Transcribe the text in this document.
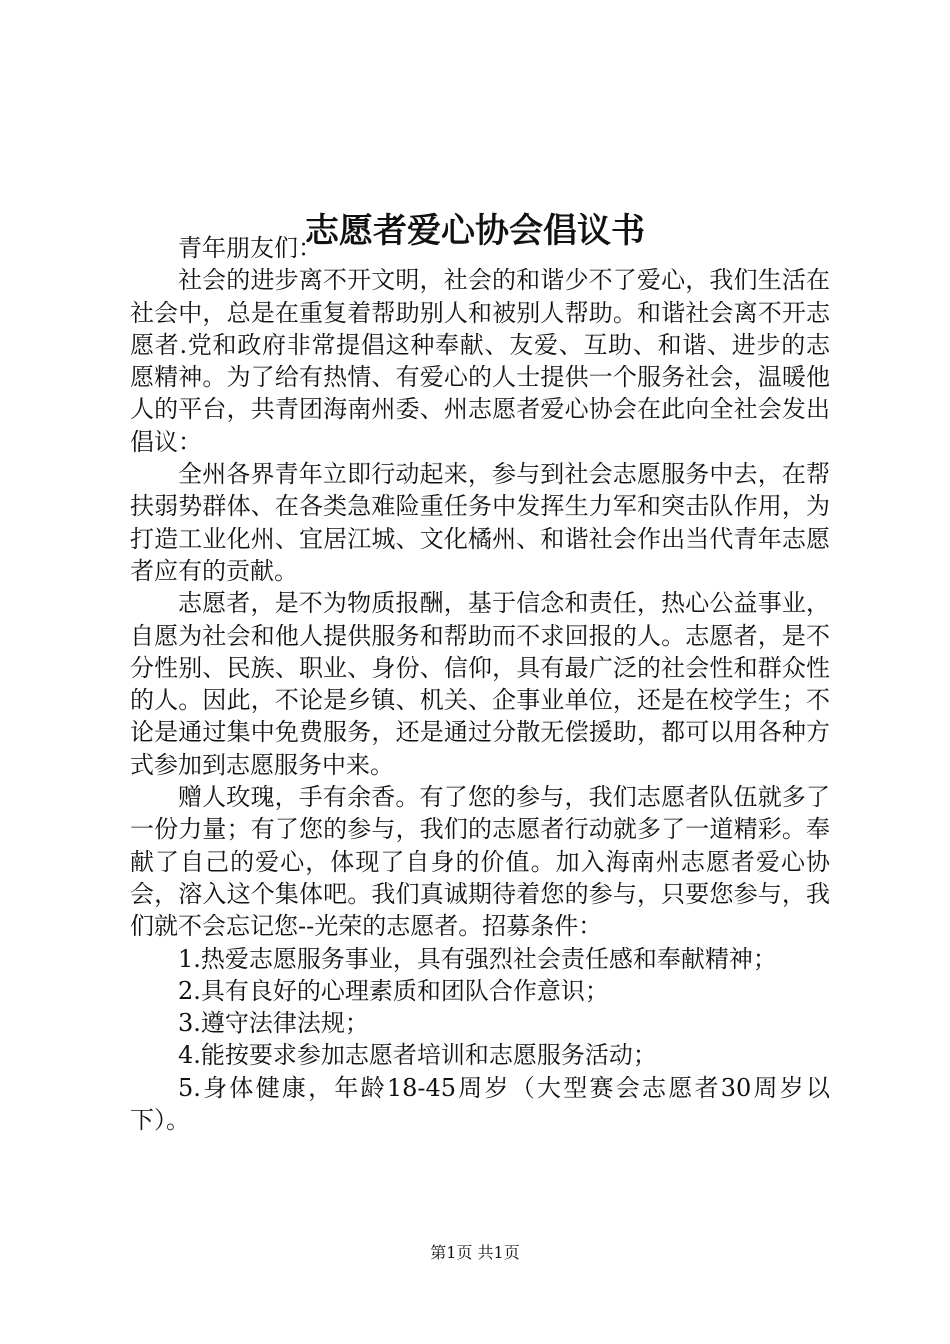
志愿者爱心协会倡议书

青年朋友们：

社会的进步离不开文明，社会的和谐少不了爱心，我们生活在社会中，总是在重复着帮助别人和被别人帮助。和谐社会离不开志愿者.党和政府非常提倡这种奉献、友爱、互助、和谐、进步的志愿精神。为了给有热情、有爱心的人士提供一个服务社会，温暖他人的平台，共青团海南州委、州志愿者爱心协会在此向全社会发出倡议：

全州各界青年立即行动起来，参与到社会志愿服务中去，在帮扶弱势群体、在各类急难险重任务中发挥生力军和突击队作用，为打造工业化州、宜居江城、文化橘州、和谐社会作出当代青年志愿者应有的贡献。

志愿者，是不为物质报酬，基于信念和责任，热心公益事业，自愿为社会和他人提供服务和帮助而不求回报的人。志愿者，是不分性别、民族、职业、身份、信仰，具有最广泛的社会性和群众性的人。因此，不论是乡镇、机关、企事业单位，还是在校学生；不论是通过集中免费服务，还是通过分散无偿援助，都可以用各种方式参加到志愿服务中来。

赠人玫瑰，手有余香。有了您的参与，我们志愿者队伍就多了一份力量；有了您的参与，我们的志愿者行动就多了一道精彩。奉献了自己的爱心，体现了自身的价值。加入海南州志愿者爱心协会，溶入这个集体吧。我们真诚期待着您的参与，只要您参与，我们就不会忘记您--光荣的志愿者。招募条件：

1.热爱志愿服务事业，具有强烈社会责任感和奉献精神；

2.具有良好的心理素质和团队合作意识；

3.遵守法律法规；

4.能按要求参加志愿者培训和志愿服务活动；

5.身体健康，年龄18-45周岁（大型赛会志愿者30周岁以下）。

第1页 共1页
